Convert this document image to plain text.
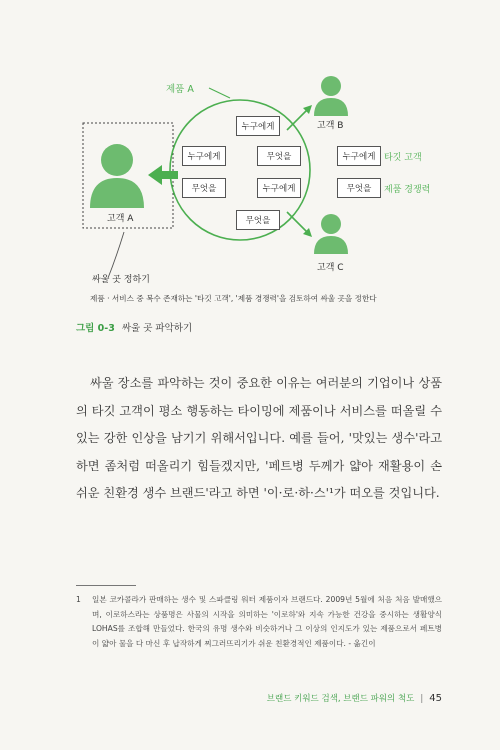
고객 A
제품 A
고객 B
고객 C
싸울 곳 정하기
누구에게
무엇을
무엇을
누구에게
누구에게
무엇을
누구에게 타깃 고객
무엇을	제품 경쟁력
제품 · 서비스 중 복수 존재하는 '타깃 고객', '제품 경쟁력'을 검토하여 싸울 곳을 정한다
그림 0-3 싸울 곳 파악하기
싸울 장소를 파악하는 것이 중요한 이유는 여러분의 기업이나 상품의 타깃 고객이 평소 행동하는 타이밍에 제품이나 서비스를 떠올릴 수 있는 강한 인상을 남기기 위해서입니다. 예를 들어, '맛있는 생수'라고 하면 좀처럼 떠올리기 힘들겠지만, '페트병 두께가 얇아 재활용이 손쉬운 친환경 생수 브랜드'라고 하면 '이·로·하·스'¹가 떠오를 것입니다.
1 일본 코카콜라가 판매하는 생수 및 스파클링 워터 제품이자 브랜드다. 2009년 5월에 처음 처음 발매했으며, 이로하스라는 상품명은 사물의 시작을 의미하는 '이로하'와 지속 가능한 건강을 중시하는 생활양식 LOHAS를 조합해 만들었다. 한국의 유명 생수와 비슷하거나 그 이상의 인지도가 있는 제품으로서 페트병이 얇아 물을 다 마신 후 납작하게 찌그러뜨리기가 쉬운 친환경적인 제품이다. - 옮긴이
브랜드 키워드 검색, 브랜드 파워의 척도 | 45
